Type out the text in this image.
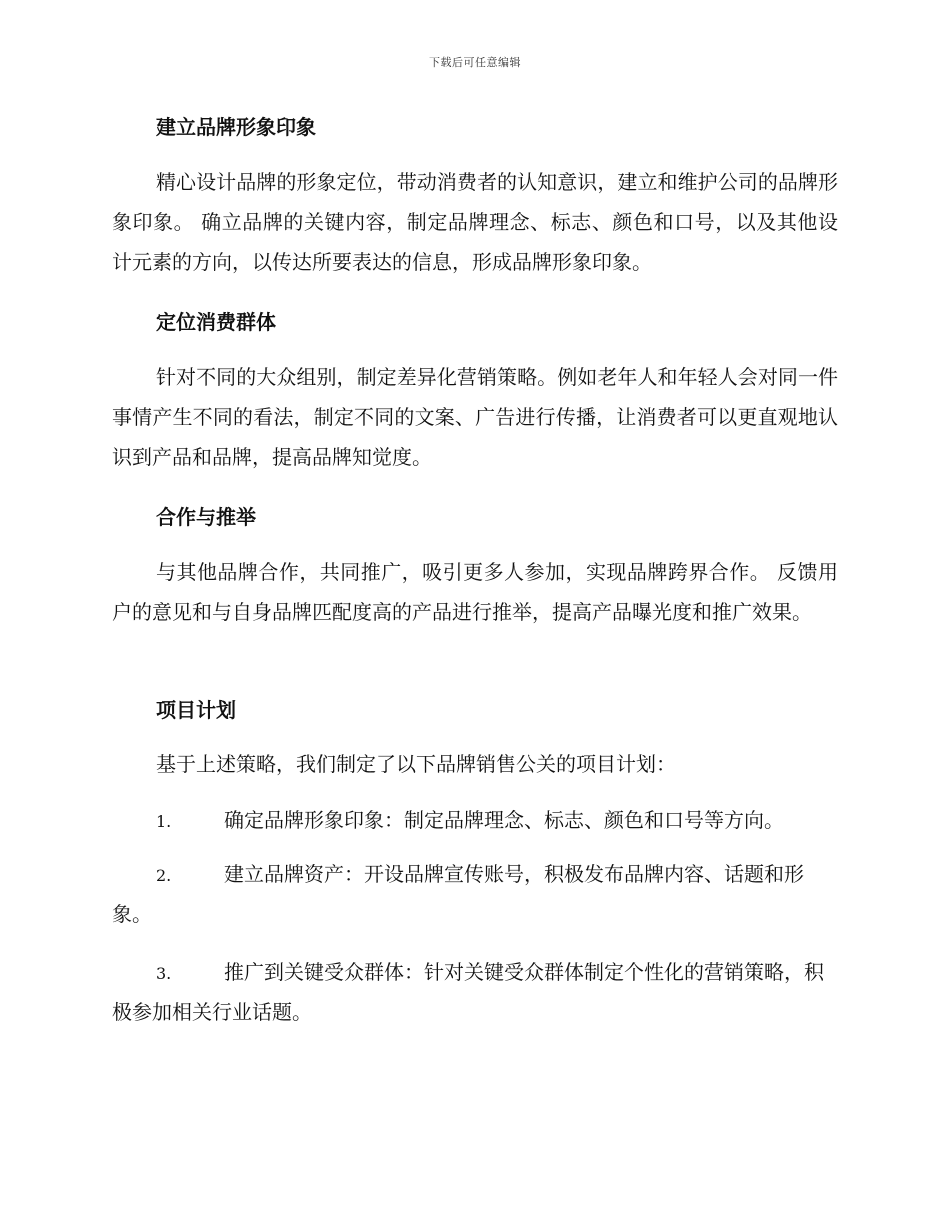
下载后可任意编辑
建立品牌形象印象

精心设计品牌的形象定位，带动消费者的认知意识，建立和维护公司的品牌形象印象。 确立品牌的关键内容，制定品牌理念、标志、颜色和口号，以及其他设计元素的方向，以传达所要表达的信息，形成品牌形象印象。

定位消费群体

针对不同的大众组别，制定差异化营销策略。例如老年人和年轻人会对同一件事情产生不同的看法，制定不同的文案、广告进行传播，让消费者可以更直观地认识到产品和品牌，提高品牌知觉度。

合作与推举

与其他品牌合作，共同推广，吸引更多人参加，实现品牌跨界合作。 反馈用户的意见和与自身品牌匹配度高的产品进行推举，提高产品曝光度和推广效果。

项目计划

基于上述策略，我们制定了以下品牌销售公关的项目计划：

1.	确定品牌形象印象：制定品牌理念、标志、颜色和口号等方向。

2.	建立品牌资产：开设品牌宣传账号，积极发布品牌内容、话题和形象。

3.	推广到关键受众群体：针对关键受众群体制定个性化的营销策略，积极参加相关行业话题。
